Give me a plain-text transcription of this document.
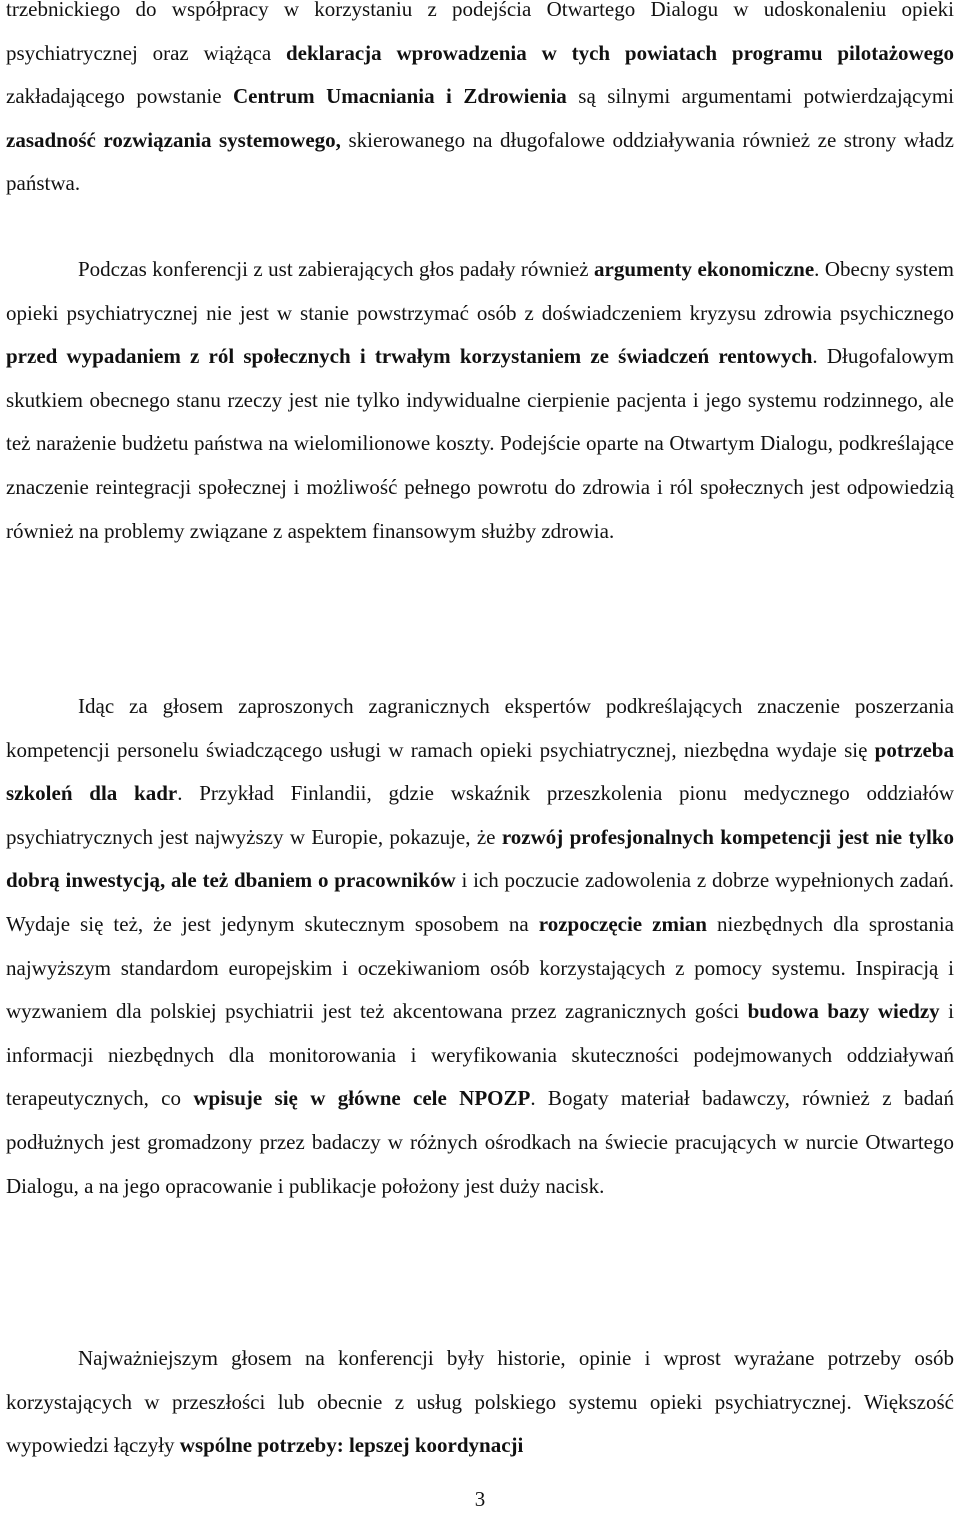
trzebnickiego do współpracy w korzystaniu z podejścia Otwartego Dialogu w udoskonaleniu opieki psychiatrycznej oraz wiążąca deklaracja wprowadzenia w tych powiatach programu pilotażowego zakładającego powstanie Centrum Umacniania i Zdrowienia są silnymi argumentami potwierdzającymi zasadność rozwiązania systemowego, skierowanego na długofalowe oddziaływania również ze strony władz państwa.

Podczas konferencji z ust zabierających głos padały również argumenty ekonomiczne. Obecny system opieki psychiatrycznej nie jest w stanie powstrzymać osób z doświadczeniem kryzysu zdrowia psychicznego przed wypadaniem z ról społecznych i trwałym korzystaniem ze świadczeń rentowych. Długofalowym skutkiem obecnego stanu rzeczy jest nie tylko indywidualne cierpienie pacjenta i jego systemu rodzinnego, ale też narażenie budżetu państwa na wielomilionowe koszty. Podejście oparte na Otwartym Dialogu, podkreślające znaczenie reintegracji społecznej i możliwość pełnego powrotu do zdrowia i ról społecznych jest odpowiedzią również na problemy związane z aspektem finansowym służby zdrowia.

Idąc za głosem zaproszonych zagranicznych ekspertów podkreślających znaczenie poszerzania kompetencji personelu świadczącego usługi w ramach opieki psychiatrycznej, niezbędna wydaje się potrzeba szkoleń dla kadr. Przykład Finlandii, gdzie wskaźnik przeszkolenia pionu medycznego oddziałów psychiatrycznych jest najwyższy w Europie, pokazuje, że rozwój profesjonalnych kompetencji jest nie tylko dobrą inwestycją, ale też dbaniem o pracowników i ich poczucie zadowolenia z dobrze wypełnionych zadań. Wydaje się też, że jest jedynym skutecznym sposobem na rozpoczęcie zmian niezbędnych dla sprostania najwyższym standardom europejskim i oczekiwaniom osób korzystających z pomocy systemu. Inspiracją i wyzwaniem dla polskiej psychiatrii jest też akcentowana przez zagranicznych gości budowa bazy wiedzy i informacji niezbędnych dla monitorowania i weryfikowania skuteczności podejmowanych oddziaływań terapeutycznych, co wpisuje się w główne cele NPOZP. Bogaty materiał badawczy, również z badań podłużnych jest gromadzony przez badaczy w różnych ośrodkach na świecie pracujących w nurcie Otwartego Dialogu, a na jego opracowanie i publikacje położony jest duży nacisk.

Najważniejszym głosem na konferencji były historie, opinie i wprost wyrażane potrzeby osób korzystających w przeszłości lub obecnie z usług polskiego systemu opieki psychiatrycznej. Większość wypowiedzi łączyły wspólne potrzeby: lepszej koordynacji

3
